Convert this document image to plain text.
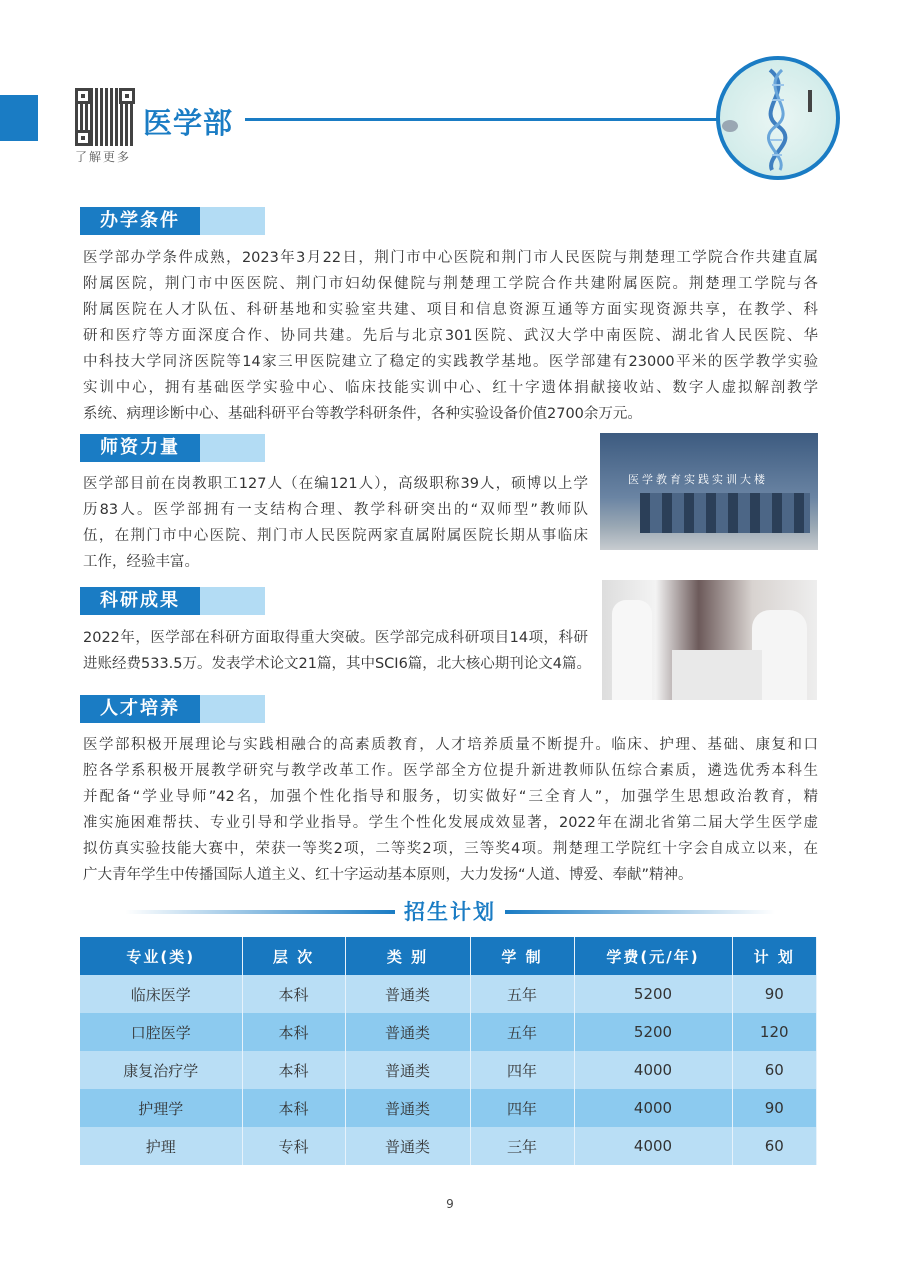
了解更多
医学部
办学条件
医学部办学条件成熟，2023年3月22日，荆门市中心医院和荆门市人民医院与荆楚理工学院合作共建直属
附属医院，荆门市中医医院、荆门市妇幼保健院与荆楚理工学院合作共建附属医院。荆楚理工学院与各
附属医院在人才队伍、科研基地和实验室共建、项目和信息资源互通等方面实现资源共享，在教学、科
研和医疗等方面深度合作、协同共建。先后与北京301医院、武汉大学中南医院、湖北省人民医院、华
中科技大学同济医院等14家三甲医院建立了稳定的实践教学基地。医学部建有23000平米的医学教学实验
实训中心，拥有基础医学实验中心、临床技能实训中心、红十字遗体捐献接收站、数字人虚拟解剖教学
系统、病理诊断中心、基础科研平台等教学科研条件，各种实验设备价值2700余万元。
师资力量
医学部目前在岗教职工127人（在编121人），高级职称39人，硕博以上学
历83人。医学部拥有一支结构合理、教学科研突出的“双师型”教师队
伍，在荆门市中心医院、荆门市人民医院两家直属附属医院长期从事临床
工作，经验丰富。
医学教育实践实训大楼
科研成果
2022年，医学部在科研方面取得重大突破。医学部完成科研项目14项，科研
进账经费533.5万。发表学术论文21篇，其中SCI6篇，北大核心期刊论文4篇。
人才培养
医学部积极开展理论与实践相融合的高素质教育，人才培养质量不断提升。临床、护理、基础、康复和口
腔各学系积极开展教学研究与教学改革工作。医学部全方位提升新进教师队伍综合素质，遴选优秀本科生
并配备“学业导师”42名，加强个性化指导和服务，切实做好“三全育人”，加强学生思想政治教育，精
准实施困难帮扶、专业引导和学业指导。学生个性化发展成效显著，2022年在湖北省第二届大学生医学虚
拟仿真实验技能大赛中，荣获一等奖2项，二等奖2项，三等奖4项。荆楚理工学院红十字会自成立以来，在
广大青年学生中传播国际人道主义、红十字运动基本原则，大力发扬“人道、博爱、奉献”精神。
招生计划
专业(类)	层 次	类 别	学 制	学费(元/年)	计 划
临床医学	本科	普通类	五年	5200	90
口腔医学	本科	普通类	五年	5200	120
康复治疗学	本科	普通类	四年	4000	60
护理学	本科	普通类	四年	4000	90
护理	专科	普通类	三年	4000	60
9
